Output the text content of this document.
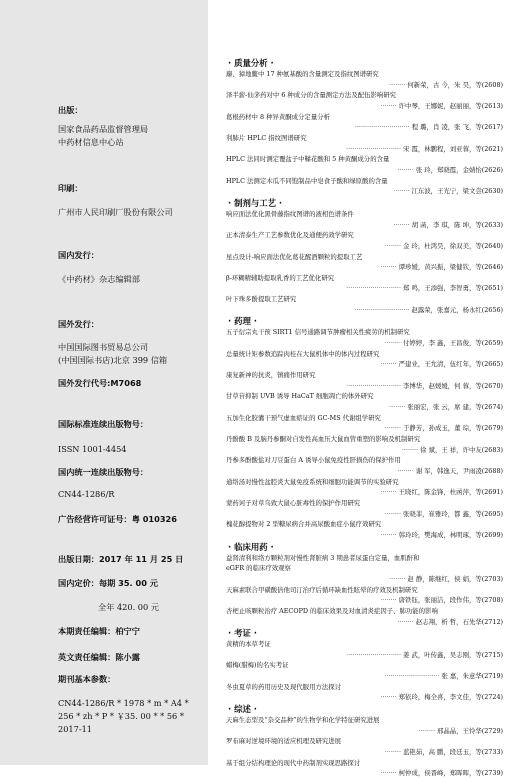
出版：
国家食品药品监督管理局
中药材信息中心站
印刷：
广州市人民印刷厂股份有限公司
国内发行：
《中药材》杂志编辑部
国外发行：
中国国际图书贸易总公司
(中国国际书店)北京 399 信箱
国外发行代号:M7068
国际标准连续出版物号：
ISSN 1001-4454
国内统一连续出版物号：
CN44-1286/R
广告经营许可证号：粤 010326
出版日期：2017 年 11 月 25 日
国内定价：每期 35. 00 元
全年 420. 00 元
本期责任编辑：柏宁宁
英文责任编辑：陈小露
期刊基本参数：
CN44-1286/R * 1978 * m * A4 *
256 * zh * P * ￥35. 00 * * 56 *
2017-11
· 质量分析 ·
麝、獐地鳖中 17 种氨基酸的含量测定及指纹图谱研究
········ 何新荣，古 今，朱 昊，等(2608)
泽半薪-仙茅药对中 6 种成分的含量测定方法及配伍影响研究
········ 许中琴，王娜妮，赵丽丽，等(2613)
葛根药材中 8 种异黄酮成分定量分析
··························· 程 璐，肖 凌，张 飞，等(2617)
利肺片 HPLC 指纹图谱研究
··························· 宋 霞，林鹏程，刘亚蓉，等(2621)
HPLC 法同时测定覆盆子中鞣花酸和 5 种黄酮成分的含量
········ 张 玲，郑晓霞，金婧怡(2626)
HPLC 法测定木瓜不同饱制品中皂食子酸和绿原酸的含量
········ 江东波，王光宁，梁文尝(2630)
· 制剂与工艺 ·
响应面法优化黑骨藤指纹图谱的液相色谱条件
········ 胡 菡，李 琪，陈 坤，等(2633)
正本清泰生产工艺参数优化及通便药效学研究
········ 金 玲，杜鸿昊，徐双美，等(2640)
星点设计-响应面法优化葛花醒酒颗粒的提取工艺
········ 谭珍媛，黄兴振，梁健钦，等(2646)
β-环糊精辅助提取乳香的工艺优化研究
··························· 郑 鸣，王添强，李智勇，等(2651)
叶下珠多酚提取工艺研究
··························· 赵露荣，张嘉元，杨永红(2656)
· 药理 ·
五子衍宗丸干预 SIRT1 信号通路调节肿瘤相关性疲劳的机制研究
········ 付婷婷，李 鑫，王昌俊，等(2659)
总量统计矩参数追踪肉桂在大鼠机体中的体内过程研究
········ 严建业，王允清，伍红年，等(2665)
康复新神的抗炎，镇痛作用研究
··························· 李博华，赵媛媛，何 蓉，等(2670)
甘草苷抑制 UVB 诱导 HaCaT 细胞凋亡的体外研究
········ 张丽宏，张 云，席 建，等(2674)
五加生化胶囊干预气虚血瘀证的 GC-MS 代谢组学研究
········ 于静芳，孙成玉，董 琮，等(2679)
丹酚酸 B 及脑丹参酮对自发性高血压大鼠血管重塑的影响及机制研究
········ 徐 斌，王 祥，许中友(2683)
丹参多酚酸盐对刀豆蛋白 A 诱导小鼠免疫性肝损伤的保护作用
········ 谢 军，韩逸天，尹雨凌(2688)
通络汤对慢性盆腔炎大鼠免疫系统和细胞功能调节的实验研究
········ 王晓红，陈金锋，杜函萍，等(2691)
蒙药诃子对草乌致大鼠心脏毒性的保护作用研究
········ 张晓菲，崔雅玲，都 鑫，等(2695)
槐花醇提物对 2 型糖尿病合并高尿酸血症小鼠疗效研究
········ 韩玲玲，樊海成，林明琢，等(2699)
· 临床用药 ·
益肾清利和络方颗粒剂对慢性肾脏病 3 期患者尿蛋白定量，血肌酐和
eGFR 的临床疗效观察
········ 赵 静，陈继红，侯 娟，等(2703)
天麻素联合甲磺酸倍他司汀治疗后循环缺血性眩晕的疗效及机制研究
········ 唐铁钰，张丽洁，段作伟，等(2708)
杏杷止咳颗粒治疗 AECOPD 的临床效果及对血清炎症因子、肺功能的影响
········ 赵志翔，析 哲，石先华(2712)
· 考证 ·
黄精的本草考证
··························· 姜 武，叶传鑫，吴志刚，等(2715)
蜡梅(腊梅)的名实考证
··························· 张 嘉，朱意华(2719)
冬虫夏草的药用历史及现代服用方法探讨
········ 郑依玲，梅全喜，李文佳，等(2724)
· 综述 ·
天麻生态型及“杂交品种”的生物学和化学特征研究进展
········ 邢晶晶，王怜华(2729)
罗布麻对逆境环境的适应机理及研究进展
········ 蓝艳茹，高 鹏，段廷玉，等(2733)
基于组分结构理论的现代中药制剂实现思路探讨
········ 柯仲成，侯晋峰，郑晖晖，等(2739)
